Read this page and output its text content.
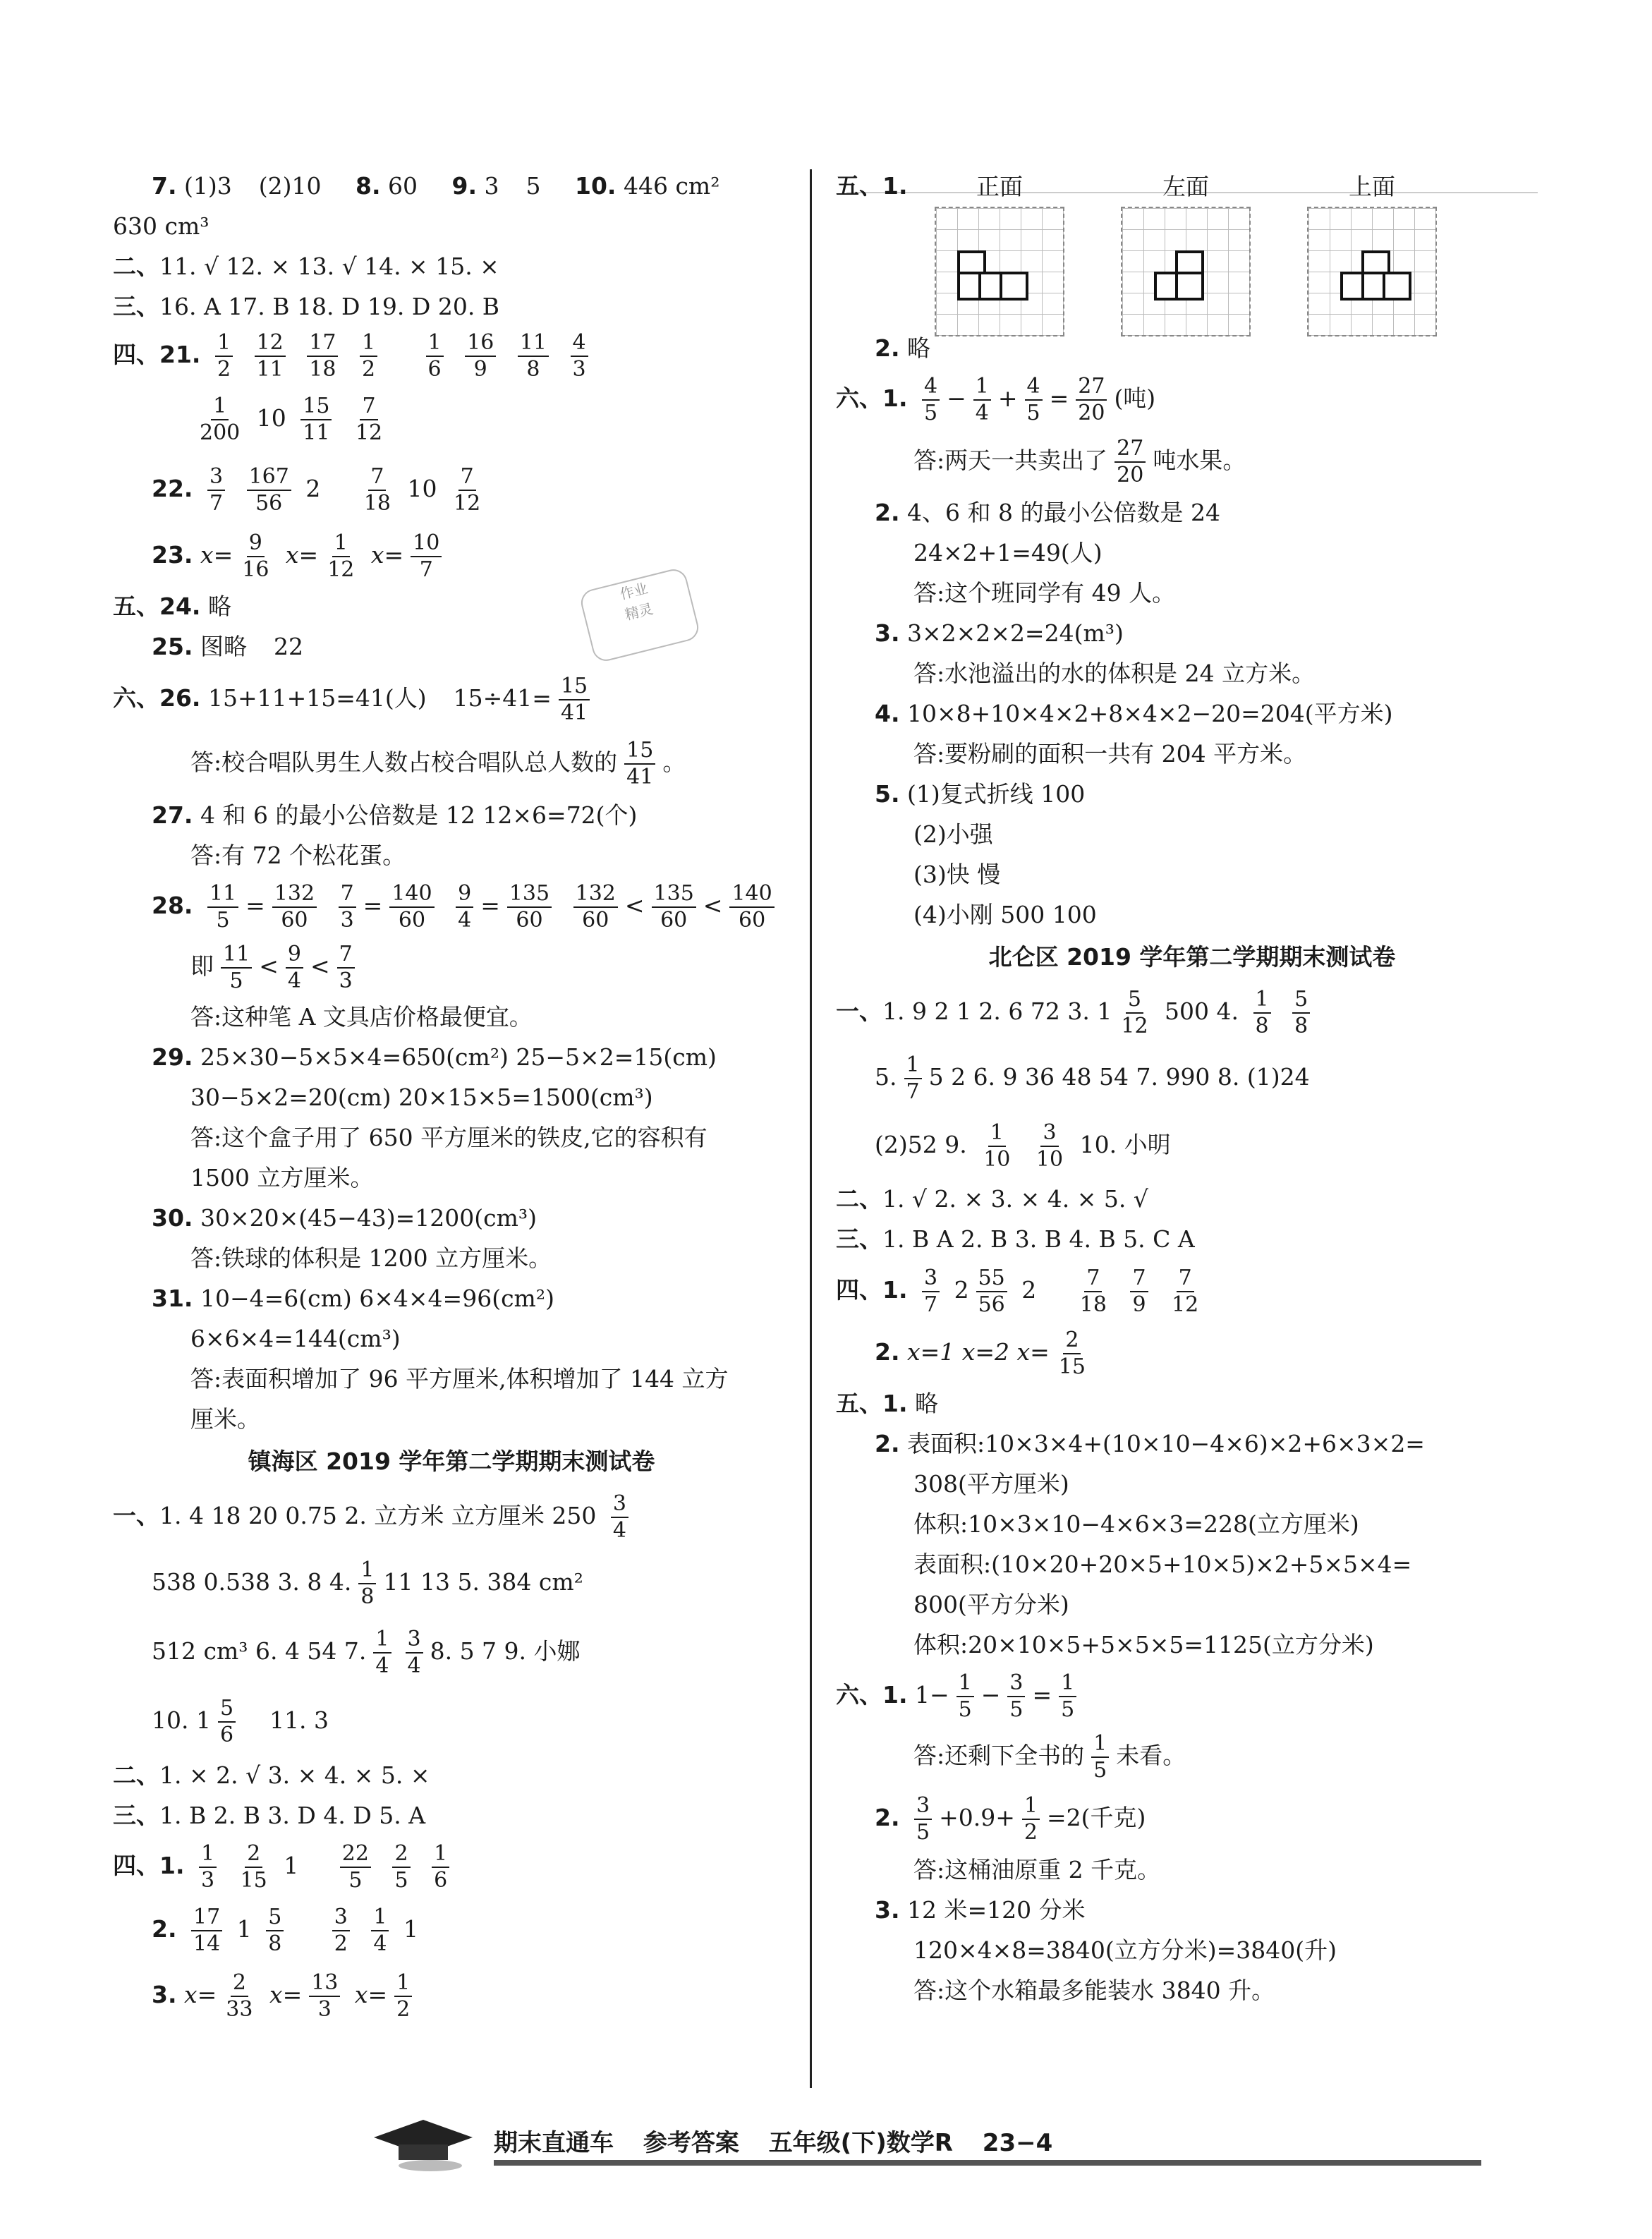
作业
精灵
7. (1)3 (2)10 8. 60 9. 3 5 10. 446 cm²
630 cm³
二、11. √ 12. × 13. √ 14. × 15. ×
三、16. A 17. B 18. D 19. D 20. B
四、21. $\frac{1}{2}$
$\frac{12}{11}$
$\frac{17}{18}$
$\frac{1}{2}$
$\frac{1}{6}$
$\frac{16}{9}$
$\frac{11}{8}$
$\frac{4}{3}$
$\frac{1}{200} 10 \frac{15}{11}$
$\frac{7}{12}$
22. $\frac{3}{7}$
$\frac{167}{56} 2 \frac{7}{18} 10 \frac{7}{12}$
23. $x= \frac{9}{16} x= \frac{1}{12} x= \frac{10}{7}$
五、24. 略
25. 图略 22
六、26. 15+11+15=41(人) $15\div 41= \frac{15}{41}$
答:校合唱队男生人数占校合唱队总人数的 $\frac{15}{41}$ 。
27. 4 和 6 的最小公倍数是 12 12×6=72(个)
答:有 72 个松花蛋。
28. $\frac{11}{5} = \frac{132}{60}$
$\frac{7}{3} = \frac{140}{60}$
$\frac{9}{4} = \frac{135}{60}$
$\frac{132}{60} < \frac{135}{60} < \frac{140}{60}$
即 $\frac{11}{5} < \frac{9}{4} < \frac{7}{3}$
答:这种笔 A 文具店价格最便宜。
29. 25×30−5×5×4=650(cm²) 25−5×2=15(cm)
30−5×2=20(cm) 20×15×5=1500(cm³)
答:这个盒子用了 650 平方厘米的铁皮,它的容积有
1500 立方厘米。
30. 30×20×(45−43)=1200(cm³)
答:铁球的体积是 1200 立方厘米。
31. 10−4=6(cm) 6×4×4=96(cm²)
6×6×4=144(cm³)
答:表面积增加了 96 平方厘米,体积增加了 144 立方
厘米。
镇海区 2019 学年第二学期期末测试卷
一、1. 4 18 20 0.75 2. 立方米 立方厘米 $250 \frac{3}{4}$
538 0.538 3. 8 4. $\frac{1}{8} 11$ 13 5. 384 cm²
512 cm³ 6. 4 54 7. $\frac{1}{4} \frac{3}{4} 8$. 5 7 9. 小娜
10. $1 \frac{5}{6} 11$. 3
二、1. × 2. √ 3. × 4. × 5. ×
三、1. B 2. B 3. D 4. D 5. A
四、1. $\frac{1}{3}$
$\frac{2}{15} 1 \frac{22}{5}$
$\frac{2}{5}$
$\frac{1}{6}$
2. $\frac{17}{14} 1 \frac{5}{8}$
$\frac{3}{2}$
$\frac{1}{4} 1$
3. $x= \frac{2}{33} x= \frac{13}{3} x= \frac{1}{2}$
五、1.	正面	左面	上面
2. 略
六、1. $\frac{4}{5} - \frac{1}{4} + \frac{4}{5} = \frac{27}{20}$ (吨)
答:两天一共卖出了 $\frac{27}{20}$ 吨水果。
2. 4、6 和 8 的最小公倍数是 24
24×2+1=49(人)
答:这个班同学有 49 人。
3. 3×2×2×2=24(m³)
答:水池溢出的水的体积是 24 立方米。
4. 10×8+10×4×2+8×4×2−20=204(平方米)
答:要粉刷的面积一共有 204 平方米。
5. (1)复式折线 100
(2)小强
(3)快 慢
(4)小刚 500 100
北仑区 2019 学年第二学期期末测试卷
一、1. 9 2 1 2. 6 72 3. $1 \frac{5}{12} 500$ 4. $\frac{1}{8}$
$\frac{5}{8}$
5. $\frac{1}{7} 5$ 2 6. 9 36 48 54 7. 990 8. (1)24
(2)52 9. $\frac{1}{10}$
$\frac{3}{10} 10$. 小明
二、1. √ 2. × 3. × 4. × 5. √
三、1. B A 2. B 3. B 4. B 5. C A
四、1. $\frac{3}{7} 2 \frac{55}{56} 2 \frac{7}{18}$
$\frac{7}{9}$
$\frac{7}{12}$
2. x=1 x=2 $x= \frac{2}{15}$
五、1. 略
2. 表面积:10×3×4+(10×10−4×6)×2+6×3×2=
308(平方厘米)
体积:10×3×10−4×6×3=228(立方厘米)
表面积:(10×20+20×5+10×5)×2+5×5×4=
800(平方分米)
体积:20×10×5+5×5×5=1125(立方分米)
六、1. $1- \frac{1}{5} - \frac{3}{5} = \frac{1}{5}$
答:还剩下全书的 $\frac{1}{5}$ 未看。
2. $\frac{3}{5} +0.9+ \frac{1}{2} =2$(千克)
答:这桶油原重 2 千克。
3. 12 米=120 分米
120×4×8=3840(立方分米)=3840(升)
答:这个水箱最多能装水 3840 升。
期末直通车 参考答案 五年级(下)数学R 23−4
